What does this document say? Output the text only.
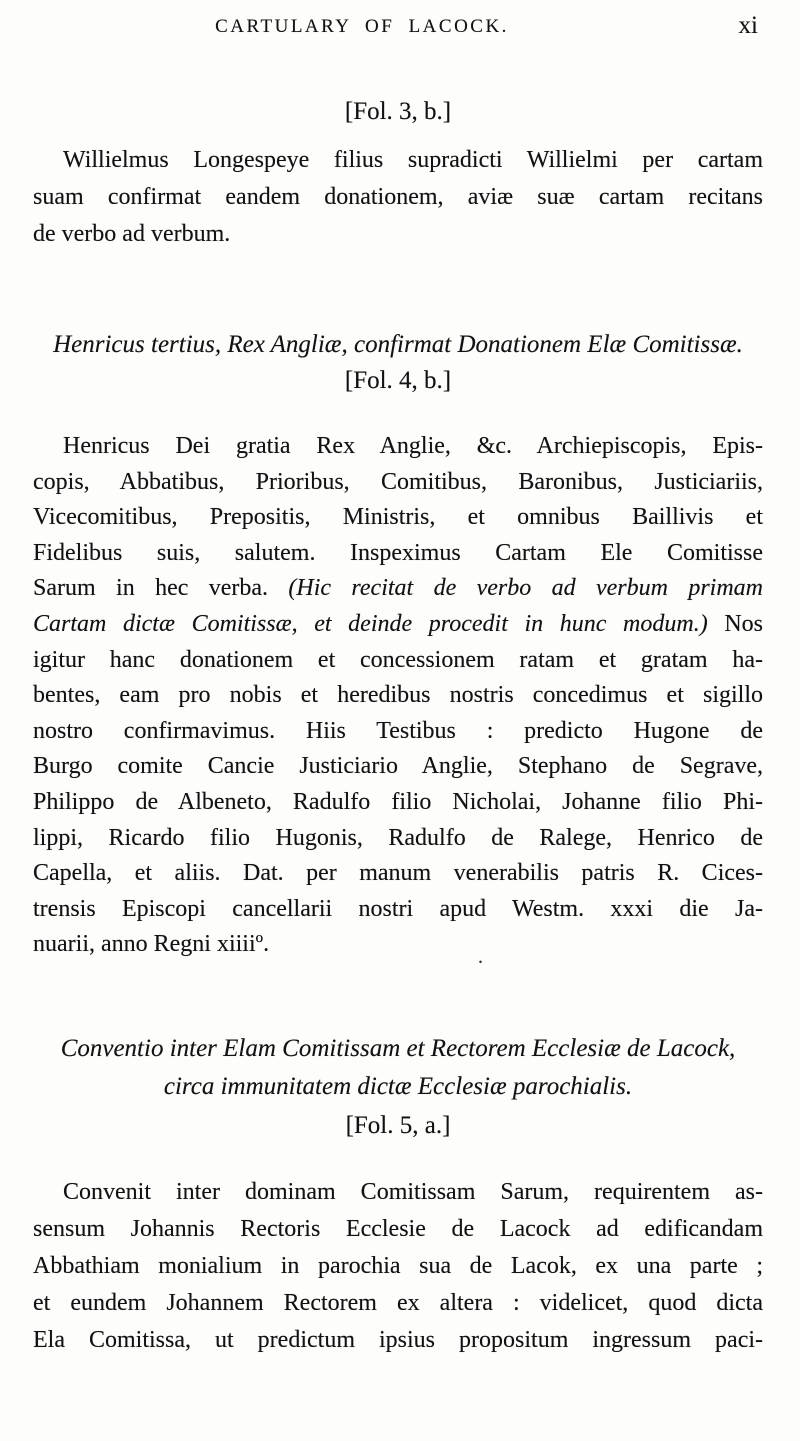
CARTULARY OF LACOCK.	xi
[Fol. 3, b.]
Willielmus Longespeye filius supradicti Willielmi per cartam
suam confirmat eandem donationem, aviæ suæ cartam recitans
de verbo ad verbum.
Henricus tertius, Rex Angliæ, confirmat Donationem Elæ Comitissæ.
[Fol. 4, b.]
Henricus Dei gratia Rex Anglie, &c. Archiepiscopis, Epis-
copis, Abbatibus, Prioribus, Comitibus, Baronibus, Justiciariis,
Vicecomitibus, Prepositis, Ministris, et omnibus Baillivis et
Fidelibus suis, salutem. Inspeximus Cartam Ele Comitisse
Sarum in hec verba. (Hic recitat de verbo ad verbum primam
Cartam dictæ Comitissæ, et deinde procedit in hunc modum.) Nos
igitur hanc donationem et concessionem ratam et gratam ha-
bentes, eam pro nobis et heredibus nostris concedimus et sigillo
nostro confirmavimus. Hiis Testibus : predicto Hugone de
Burgo comite Cancie Justiciario Anglie, Stephano de Segrave,
Philippo de Albeneto, Radulfo filio Nicholai, Johanne filio Phi-
lippi, Ricardo filio Hugonis, Radulfo de Ralege, Henrico de
Capella, et aliis. Dat. per manum venerabilis patris R. Cices-
trensis Episcopi cancellarii nostri apud Westm. xxxi die Ja-
nuarii, anno Regni xiiiiº.	.
Conventio inter Elam Comitissam et Rectorem Ecclesiæ de Lacock,
circa immunitatem dictæ Ecclesiæ parochialis.
[Fol. 5, a.]
Convenit inter dominam Comitissam Sarum, requirentem as-
sensum Johannis Rectoris Ecclesie de Lacock ad edificandam
Abbathiam monialium in parochia sua de Lacok, ex una parte ;
et eundem Johannem Rectorem ex altera : videlicet, quod dicta
Ela Comitissa, ut predictum ipsius propositum ingressum paci-
